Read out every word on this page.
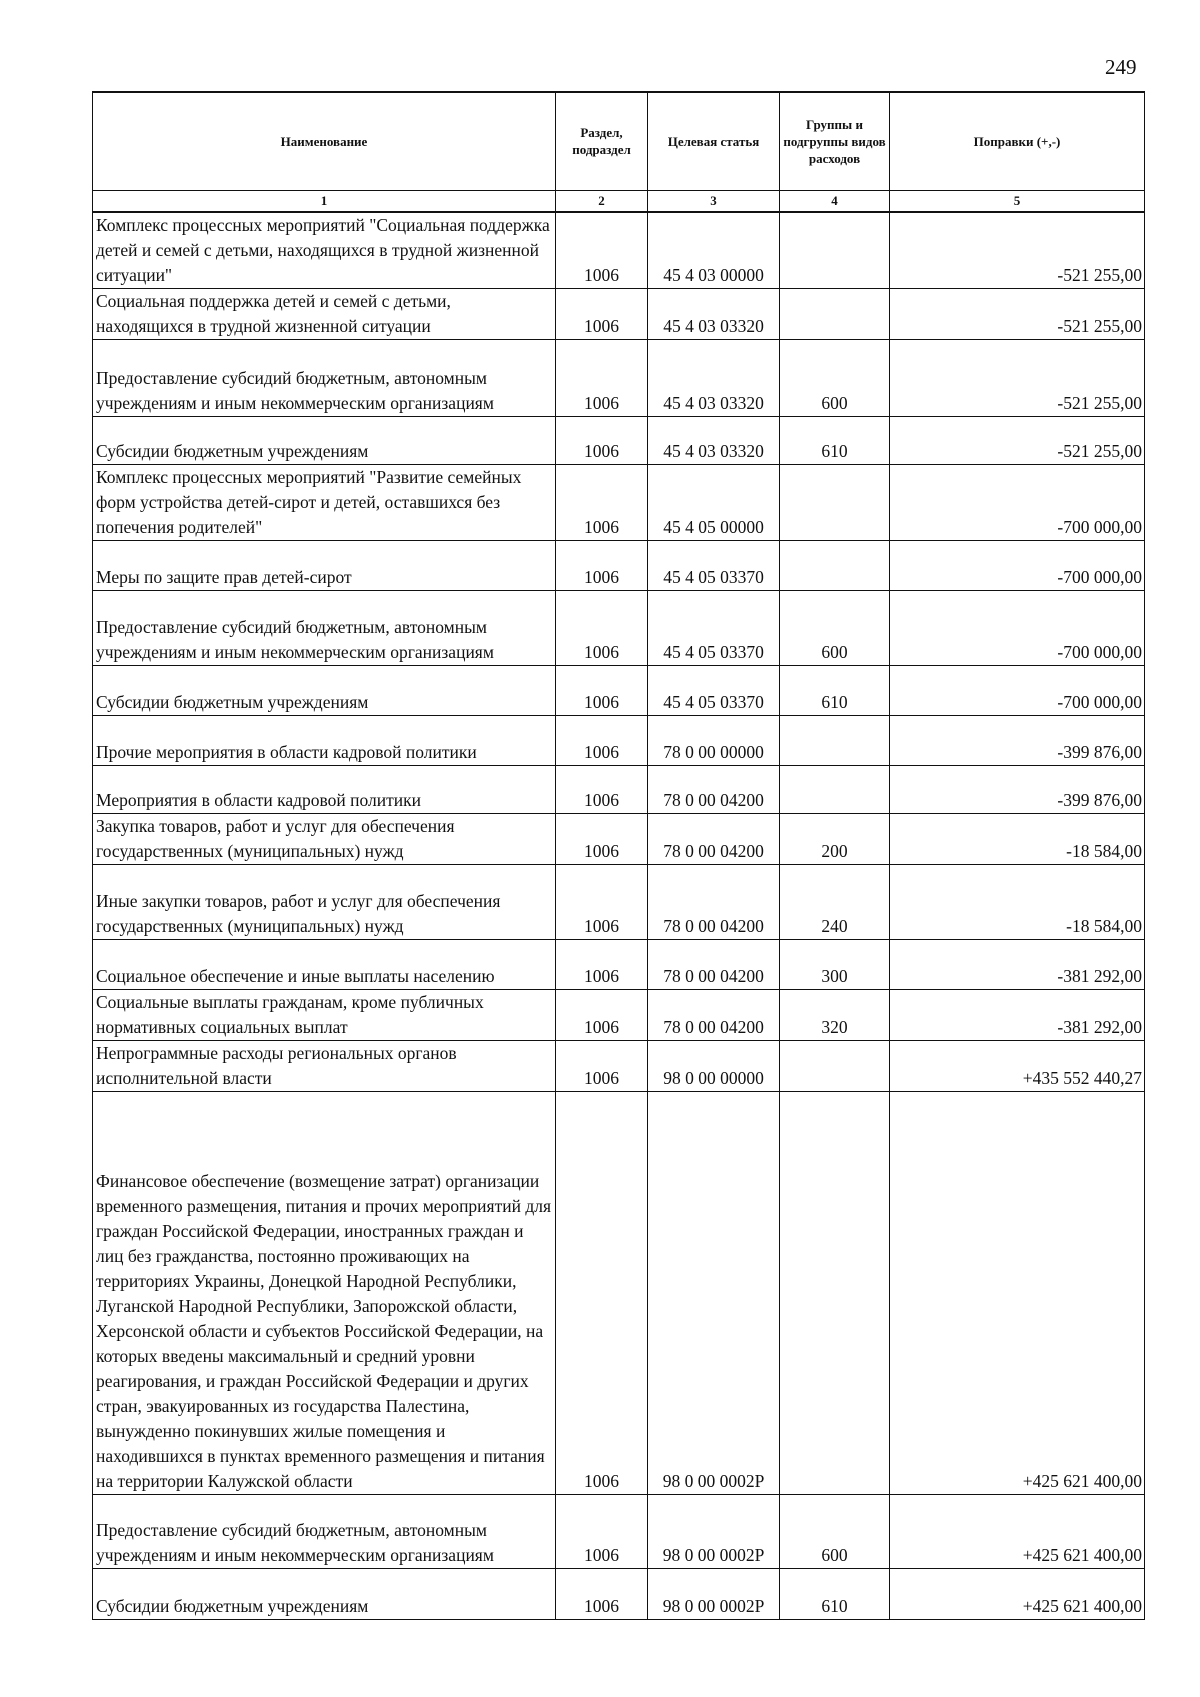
249
Наименование	Раздел, подраздел	Целевая статья	Группы и подгруппы видов расходов	Поправки (+,-)
1	2	3	4	5
Комплекс процессных мероприятий "Социальная поддержка детей и семей с детьми, находящихся в трудной жизненной ситуации"	1006	45 4 03 00000		-521 255,00
Социальная поддержка детей и семей с детьми, находящихся в трудной жизненной ситуации	1006	45 4 03 03320		-521 255,00
Предоставление субсидий бюджетным, автономным учреждениям и иным некоммерческим организациям	1006	45 4 03 03320	600	-521 255,00
Субсидии бюджетным учреждениям	1006	45 4 03 03320	610	-521 255,00
Комплекс процессных мероприятий "Развитие семейных форм устройства детей-сирот и детей, оставшихся без попечения родителей"	1006	45 4 05 00000		-700 000,00
Меры по защите прав детей-сирот	1006	45 4 05 03370		-700 000,00
Предоставление субсидий бюджетным, автономным учреждениям и иным некоммерческим организациям	1006	45 4 05 03370	600	-700 000,00
Субсидии бюджетным учреждениям	1006	45 4 05 03370	610	-700 000,00
Прочие мероприятия в области кадровой политики	1006	78 0 00 00000		-399 876,00
Мероприятия в области кадровой политики	1006	78 0 00 04200		-399 876,00
Закупка товаров, работ и услуг для обеспечения государственных (муниципальных) нужд	1006	78 0 00 04200	200	-18 584,00
Иные закупки товаров, работ и услуг для обеспечения государственных (муниципальных) нужд	1006	78 0 00 04200	240	-18 584,00
Социальное обеспечение и иные выплаты населению	1006	78 0 00 04200	300	-381 292,00
Социальные выплаты гражданам, кроме публичных нормативных социальных выплат	1006	78 0 00 04200	320	-381 292,00
Непрограммные расходы региональных органов исполнительной власти	1006	98 0 00 00000		+435 552 440,27
Финансовое обеспечение (возмещение затрат) организации временного размещения, питания и прочих мероприятий для граждан Российской Федерации, иностранных граждан и лиц без гражданства, постоянно проживающих на территориях Украины, Донецкой Народной Республики, Луганской Народной Республики, Запорожской области, Херсонской области и субъектов Российской Федерации, на которых введены максимальный и средний уровни реагирования, и граждан Российской Федерации и других стран, эвакуированных из государства Палестина, вынужденно покинувших жилые помещения и находившихся в пунктах временного размещения и питания на территории Калужской области	1006	98 0 00 0002Р		+425 621 400,00
Предоставление субсидий бюджетным, автономным учреждениям и иным некоммерческим организациям	1006	98 0 00 0002Р	600	+425 621 400,00
Субсидии бюджетным учреждениям	1006	98 0 00 0002Р	610	+425 621 400,00
